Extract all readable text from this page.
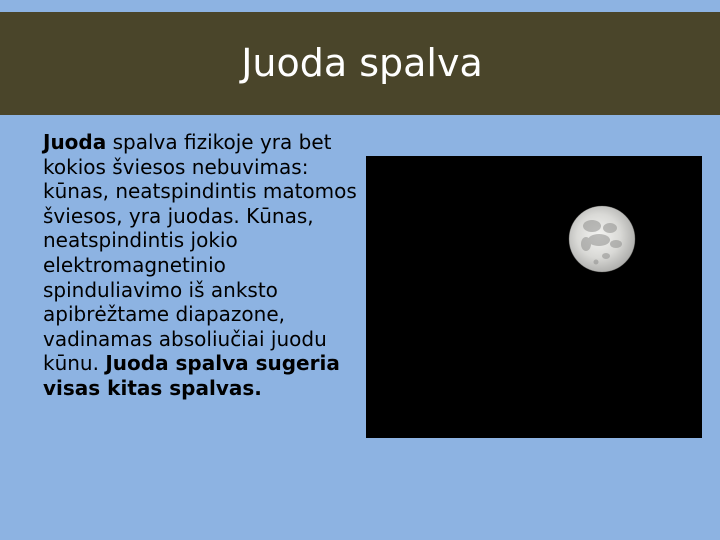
Juoda spalva
Juoda spalva fizikoje yra bet kokios šviesos nebuvimas: kūnas, neatspindintis matomos šviesos, yra juodas. Kūnas, neatspindintis jokio elektromagnetinio spinduliavimo iš anksto apibrėžtame diapazone, vadinamas absoliučiai juodu kūnu. Juoda spalva sugeria visas kitas spalvas.
